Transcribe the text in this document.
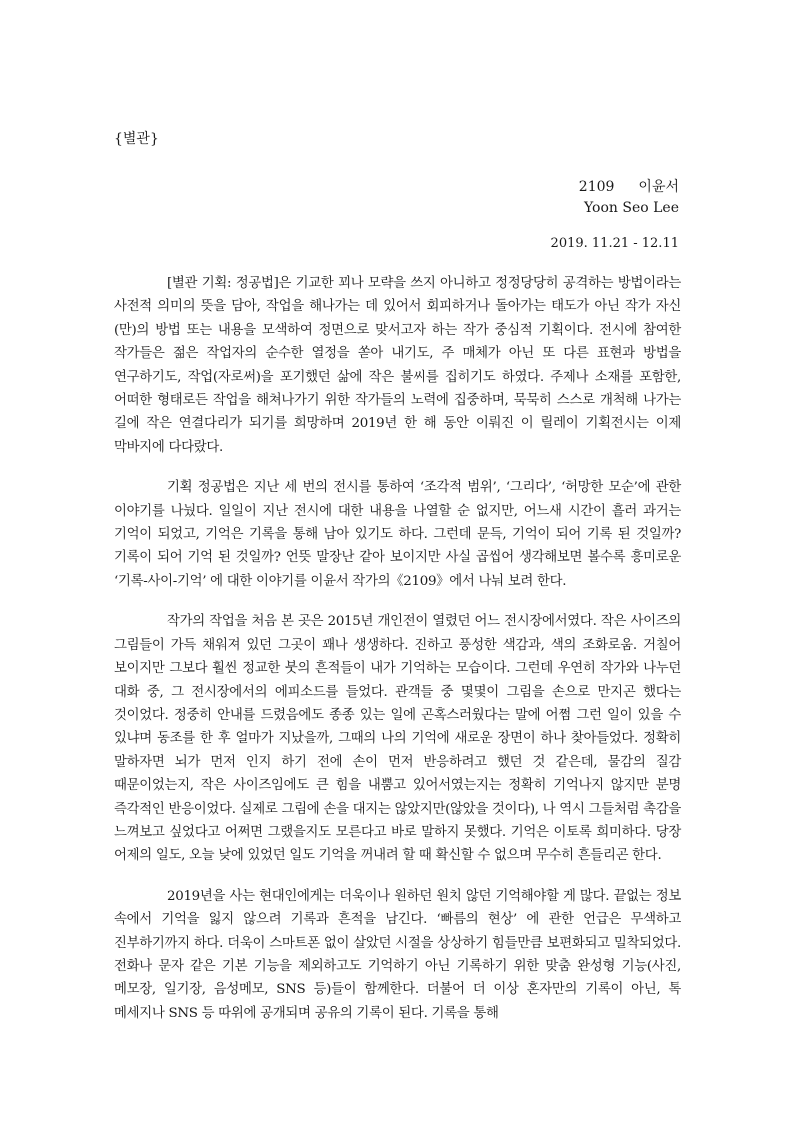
{별관}
2109 이윤서
Yoon Seo Lee
2019. 11.21 - 12.11

[별관 기획: 정공법]은 기교한 꾀나 모략을 쓰지 아니하고 정정당당히 공격하는 방법이라는 사전적 의미의 뜻을 담아, 작업을 해나가는 데 있어서 회피하거나 돌아가는 태도가 아닌 작가 자신(만)의 방법 또는 내용을 모색하여 정면으로 맞서고자 하는 작가 중심적 기획이다. 전시에 참여한 작가들은 젊은 작업자의 순수한 열정을 쏟아 내기도, 주 매체가 아닌 또 다른 표현과 방법을 연구하기도, 작업(자로써)을 포기했던 삶에 작은 불씨를 집히기도 하였다. 주제나 소재를 포함한, 어떠한 형태로든 작업을 해쳐나가기 위한 작가들의 노력에 집중하며, 묵묵히 스스로 개척해 나가는 길에 작은 연결다리가 되기를 희망하며 2019년 한 해 동안 이뤄진 이 릴레이 기획전시는 이제 막바지에 다다랐다.

기획 정공법은 지난 세 번의 전시를 통하여 ‘조각적 범위’, ‘그리다’, ‘허망한 모순’에 관한 이야기를 나눴다. 일일이 지난 전시에 대한 내용을 나열할 순 없지만, 어느새 시간이 흘러 과거는 기억이 되었고, 기억은 기록을 통해 남아 있기도 하다. 그런데 문득, 기억이 되어 기록 된 것일까? 기록이 되어 기억 된 것일까? 언뜻 말장난 같아 보이지만 사실 곱씹어 생각해보면 볼수록 흥미로운 ‘기록-사이-기억’ 에 대한 이야기를 이윤서 작가의《2109》에서 나눠 보려 한다.

작가의 작업을 처음 본 곳은 2015년 개인전이 열렸던 어느 전시장에서였다. 작은 사이즈의 그림들이 가득 채워져 있던 그곳이 꽤나 생생하다. 진하고 풍성한 색감과, 색의 조화로움. 거칠어 보이지만 그보다 훨씬 정교한 붓의 흔적들이 내가 기억하는 모습이다. 그런데 우연히 작가와 나누던 대화 중, 그 전시장에서의 에피소드를 들었다. 관객들 중 몇몇이 그림을 손으로 만지곤 했다는 것이었다. 정중히 안내를 드렸음에도 종종 있는 일에 곤혹스러웠다는 말에 어쩜 그런 일이 있을 수 있냐며 동조를 한 후 얼마가 지났을까, 그때의 나의 기억에 새로운 장면이 하나 찾아들었다. 정확히 말하자면 뇌가 먼저 인지 하기 전에 손이 먼저 반응하려고 했던 것 같은데, 물감의 질감 때문이었는지, 작은 사이즈임에도 큰 힘을 내뿜고 있어서였는지는 정확히 기억나지 않지만 분명 즉각적인 반응이었다. 실제로 그림에 손을 대지는 않았지만(않았을 것이다), 나 역시 그들처럼 촉감을 느껴보고 싶었다고 어쩌면 그랬을지도 모른다고 바로 말하지 못했다. 기억은 이토록 희미하다. 당장 어제의 일도, 오늘 낮에 있었던 일도 기억을 꺼내려 할 때 확신할 수 없으며 무수히 흔들리곤 한다.

2019년을 사는 현대인에게는 더욱이나 원하던 원치 않던 기억해야할 게 많다. 끝없는 정보 속에서 기억을 잃지 않으려 기록과 흔적을 남긴다. ‘빠름의 현상’ 에 관한 언급은 무색하고 진부하기까지 하다. 더욱이 스마트폰 없이 살았던 시절을 상상하기 힘들만큼 보편화되고 밀착되었다. 전화나 문자 같은 기본 기능을 제외하고도 기억하기 아닌 기록하기 위한 맞춤 완성형 기능(사진, 메모장, 일기장, 음성메모, SNS 등)들이 함께한다. 더불어 더 이상 혼자만의 기록이 아닌, 톡 메세지나 SNS 등 따위에 공개되며 공유의 기록이 된다. 기록을 통해
